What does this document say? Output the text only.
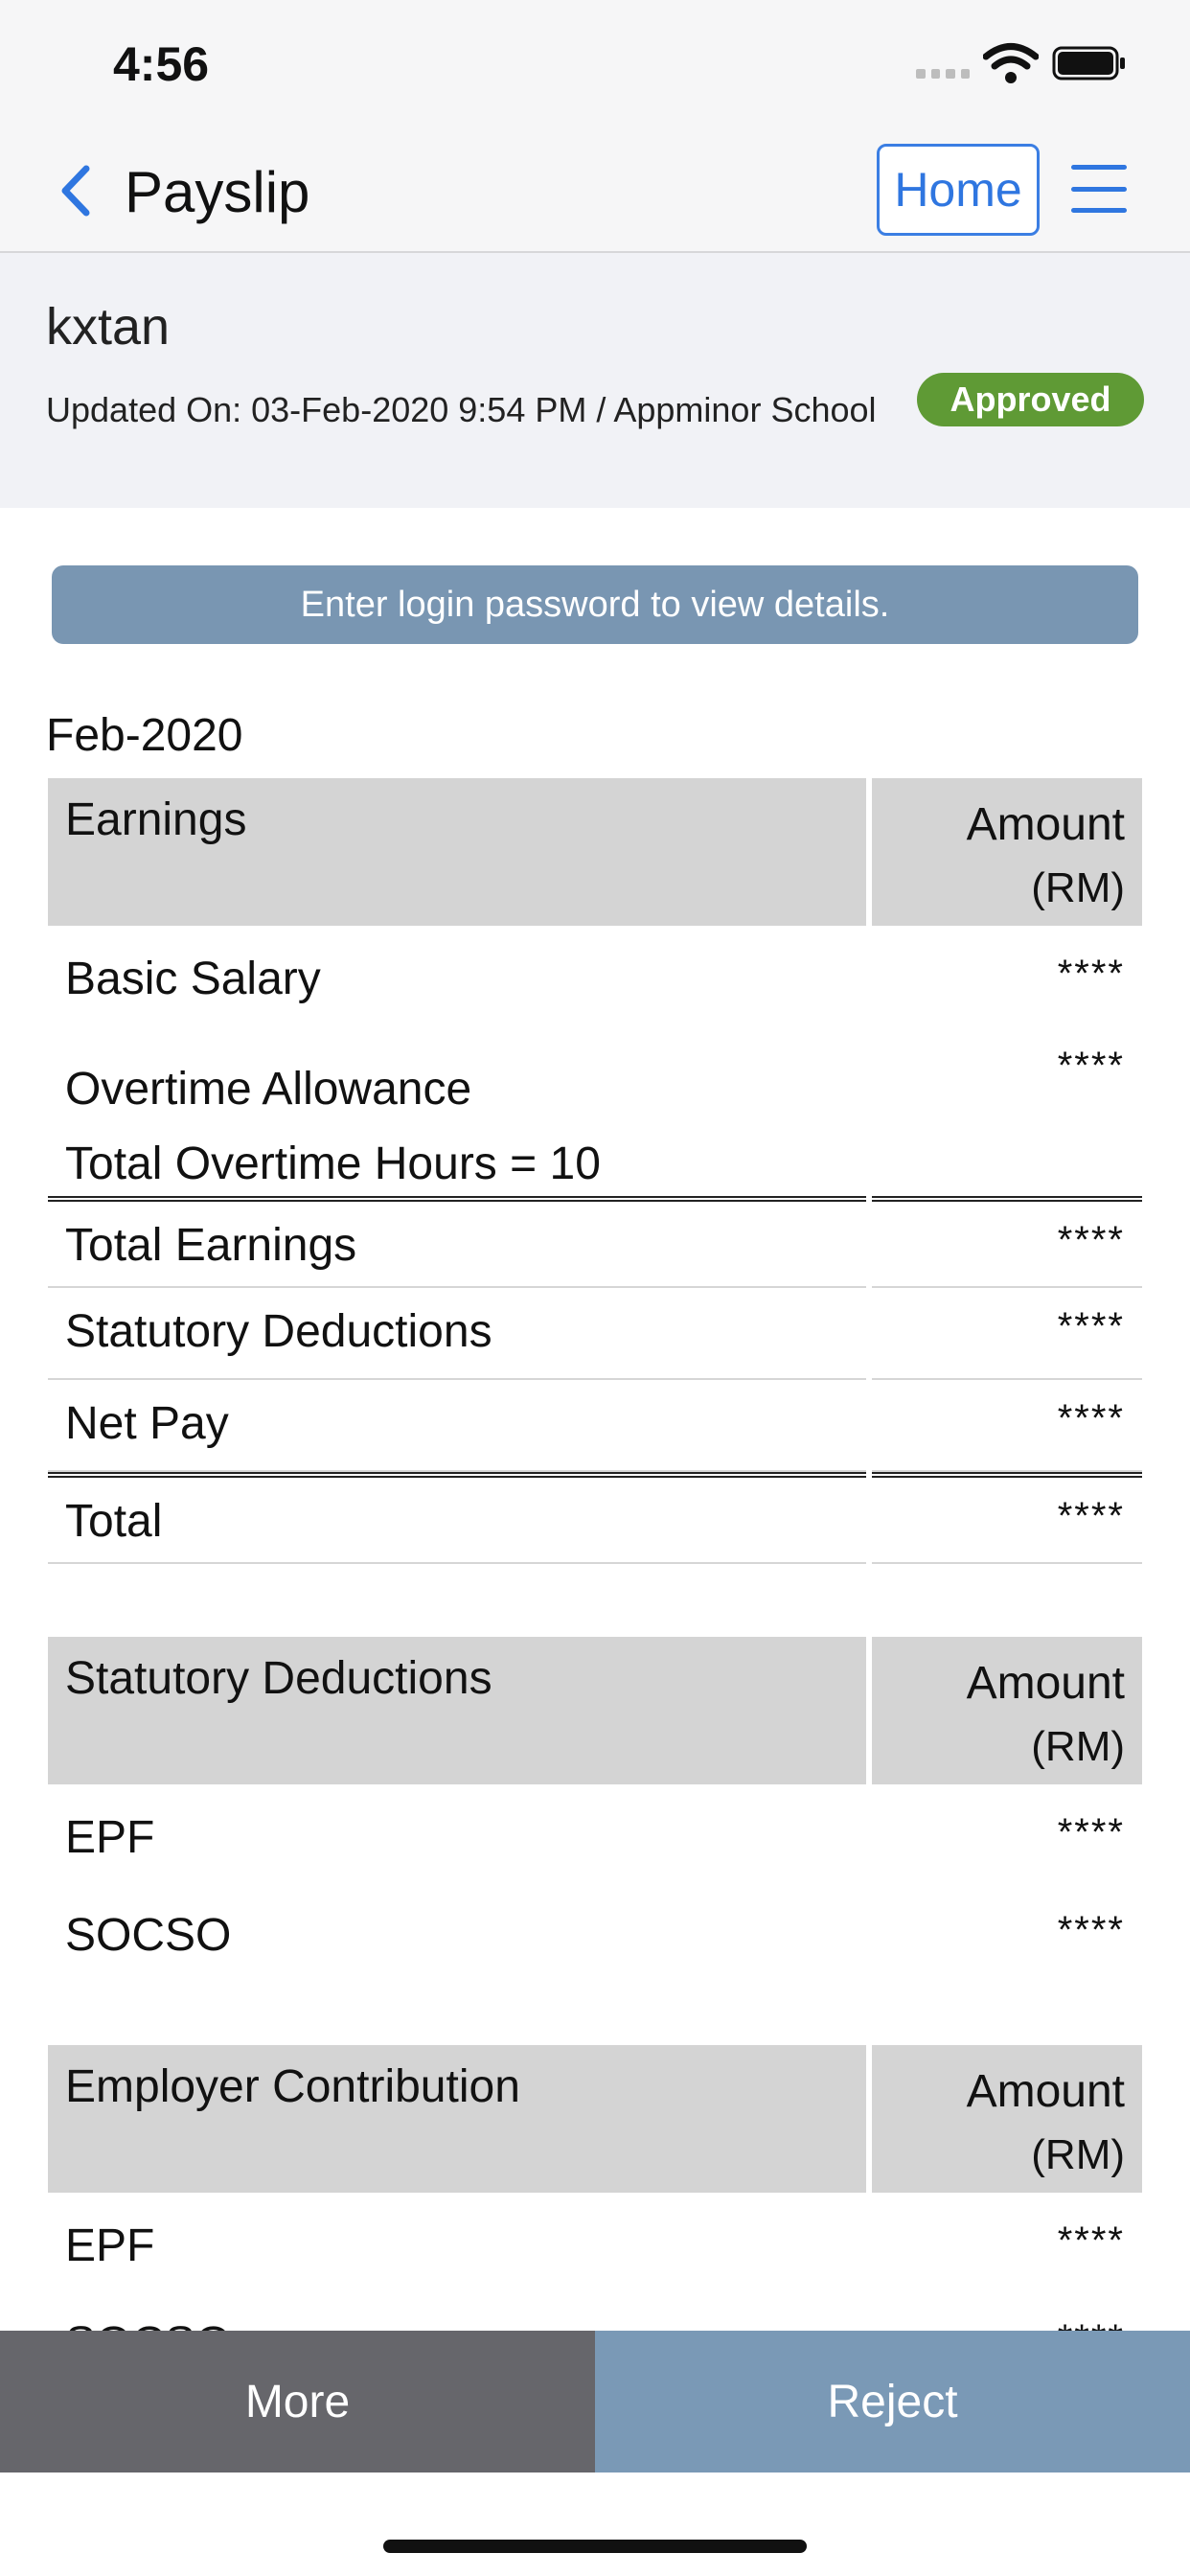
4:56
Payslip	Home
kxtan
Updated On: 03-Feb-2020 9:54 PM / Appminor School	Approved
Enter login password to view details.
Feb-2020
Earnings	Amount
(RM)
Basic Salary	****
Overtime Allowance
Total Overtime Hours = 10
****
Total Earnings	****
Statutory Deductions	****
Net Pay	****
Total	****
Statutory Deductions	Amount
(RM)
EPF	****
SOCSO	****
Employer Contribution	Amount
(RM)
EPF	****
More	Reject
